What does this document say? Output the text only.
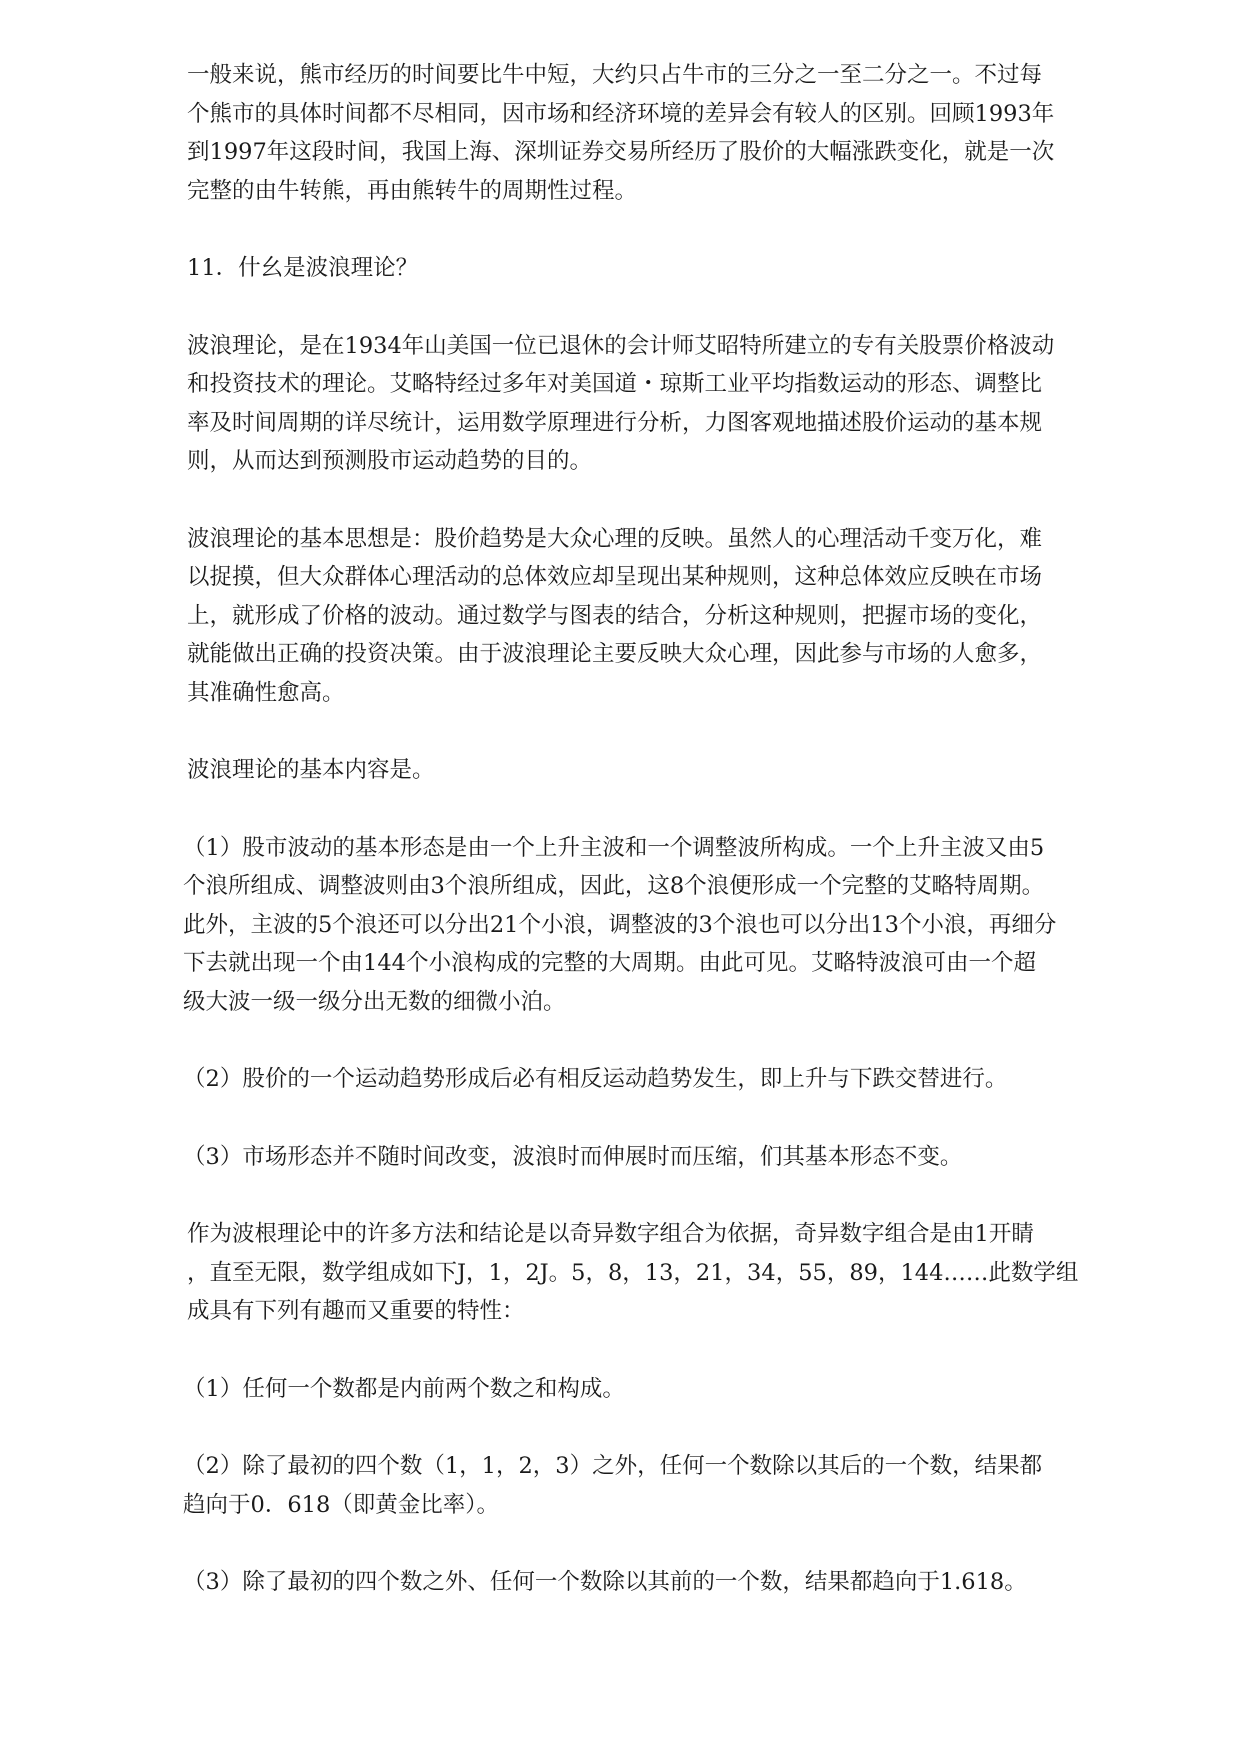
一般来说，熊市经历的时间要比牛中短，大约只占牛市的三分之一至二分之一。不过每
个熊市的具体时间都不尽相同，因市场和经济环境的差异会有较人的区别。回顾1993年
到1997年这段时间，我国上海、深圳证券交易所经历了股价的大幅涨跌变化，就是一次
完整的由牛转熊，再由熊转牛的周期性过程。

11．什幺是波浪理论？

波浪理论，是在1934年山美国一位已退休的会计师艾昭特所建立的专有关股票价格波动
和投资技术的理论。艾略特经过多年对美国道・琼斯工业平均指数运动的形态、调整比
率及时间周期的详尽统计，运用数学原理进行分析，力图客观地描述股价运动的基本规
则，从而达到预测股市运动趋势的目的。

波浪理论的基本思想是：股价趋势是大众心理的反映。虽然人的心理活动千变万化，难
以捉摸，但大众群体心理活动的总体效应却呈现出某种规则，这种总体效应反映在市场
上，就形成了价格的波动。通过数学与图表的结合，分析这种规则，把握市场的变化，
就能做出正确的投资决策。由于波浪理论主要反映大众心理，因此参与市场的人愈多，
其准确性愈高。

波浪理论的基本内容是。

（1）股市波动的基本形态是由一个上升主波和一个调整波所构成。一个上升主波又由5
个浪所组成、调整波则由3个浪所组成，因此，这8个浪便形成一个完整的艾略特周期。
此外，主波的5个浪还可以分出21个小浪，调整波的3个浪也可以分出13个小浪，再细分
下去就出现一个由144个小浪构成的完整的大周期。由此可见。艾略特波浪可由一个超
级大波一级一级分出无数的细微小泊。

（2）股价的一个运动趋势形成后必有相反运动趋势发生，即上升与下跌交替进行。

（3）市场形态并不随时间改变，波浪时而伸展时而压缩，们其基本形态不变。

作为波根理论中的许多方法和结论是以奇异数字组合为依据，奇异数字组合是由1开睛
，直至无限，数学组成如下J，1，2J。5，8，13，21，34，55，89，144……此数学组
成具有下列有趣而又重要的特性：

（1）任何一个数都是内前两个数之和构成。

（2）除了最初的四个数（1，1，2，3）之外，任何一个数除以其后的一个数，结果都
趋向于0．618（即黄金比率）。

（3）除了最初的四个数之外、任何一个数除以其前的一个数，结果都趋向于1.618。
